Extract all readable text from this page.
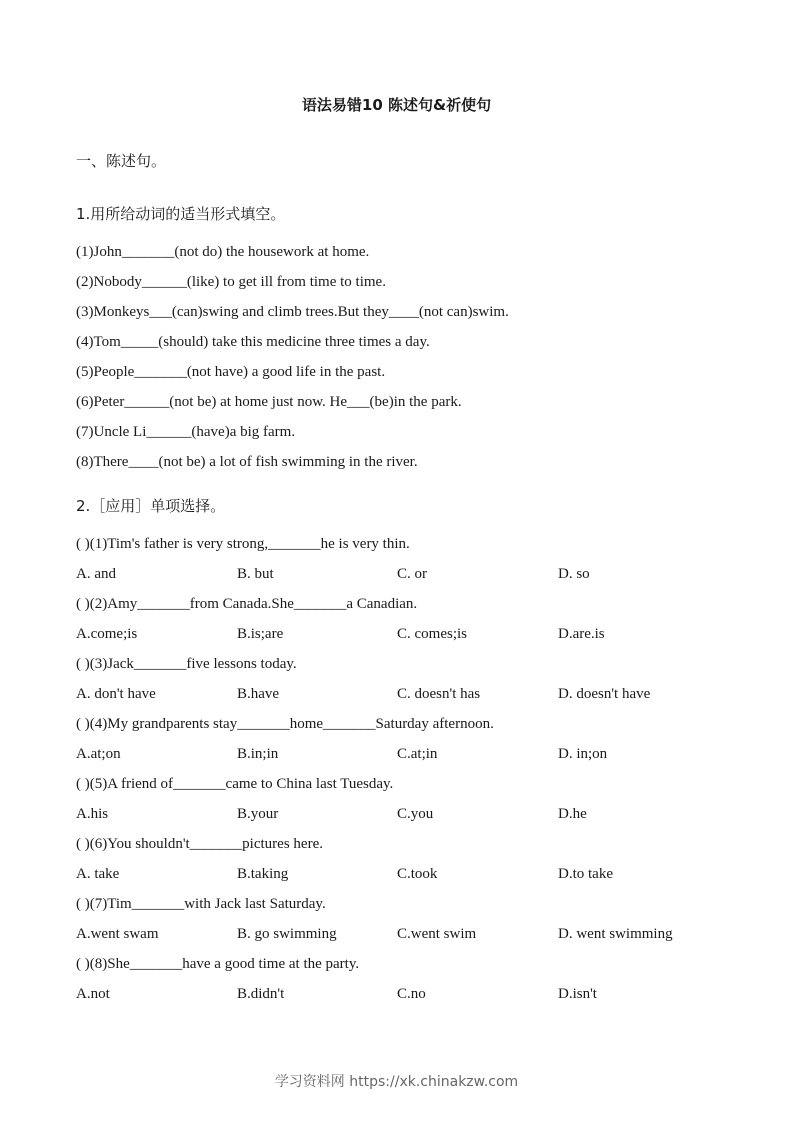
语法易错10 陈述句&祈使句
一、陈述句。
1.用所给动词的适当形式填空。
(1)John_______(not do) the housework at home.
(2)Nobody______(like) to get ill from time to time.
(3)Monkeys___(can)swing and climb trees.But they____(not can)swim.
(4)Tom_____(should) take this medicine three times a day.
(5)People_______(not have) a good life in the past.
(6)Peter______(not be) at home just now. He___(be)in the park.
(7)Uncle Li______(have)a big farm.
(8)There____(not be) a lot of fish swimming in the river.
2.［应用］单项选择。
( )(1)Tim's father is very strong,_______he is very thin.
A. and	B. but	C. or	D. so
( )(2)Amy_______from Canada.She_______a Canadian.
A.come;is	B.is;are	C. comes;is	D.are.is
( )(3)Jack_______five lessons today.
A. don't have	B.have	C. doesn't has	D. doesn't have
( )(4)My grandparents stay_______home_______Saturday afternoon.
A.at;on	B.in;in	C.at;in	D. in;on
( )(5)A friend of_______came to China last Tuesday.
A.his	B.your	C.you	D.he
( )(6)You shouldn't_______pictures here.
A. take	B.taking	C.took	D.to take
( )(7)Tim_______with Jack last Saturday.
A.went swam	B. go swimming	C.went swim	D. went swimming
( )(8)She_______have a good time at the party.
A.not	B.didn't	C.no	D.isn't
学习资料网 https://xk.chinakzw.com
